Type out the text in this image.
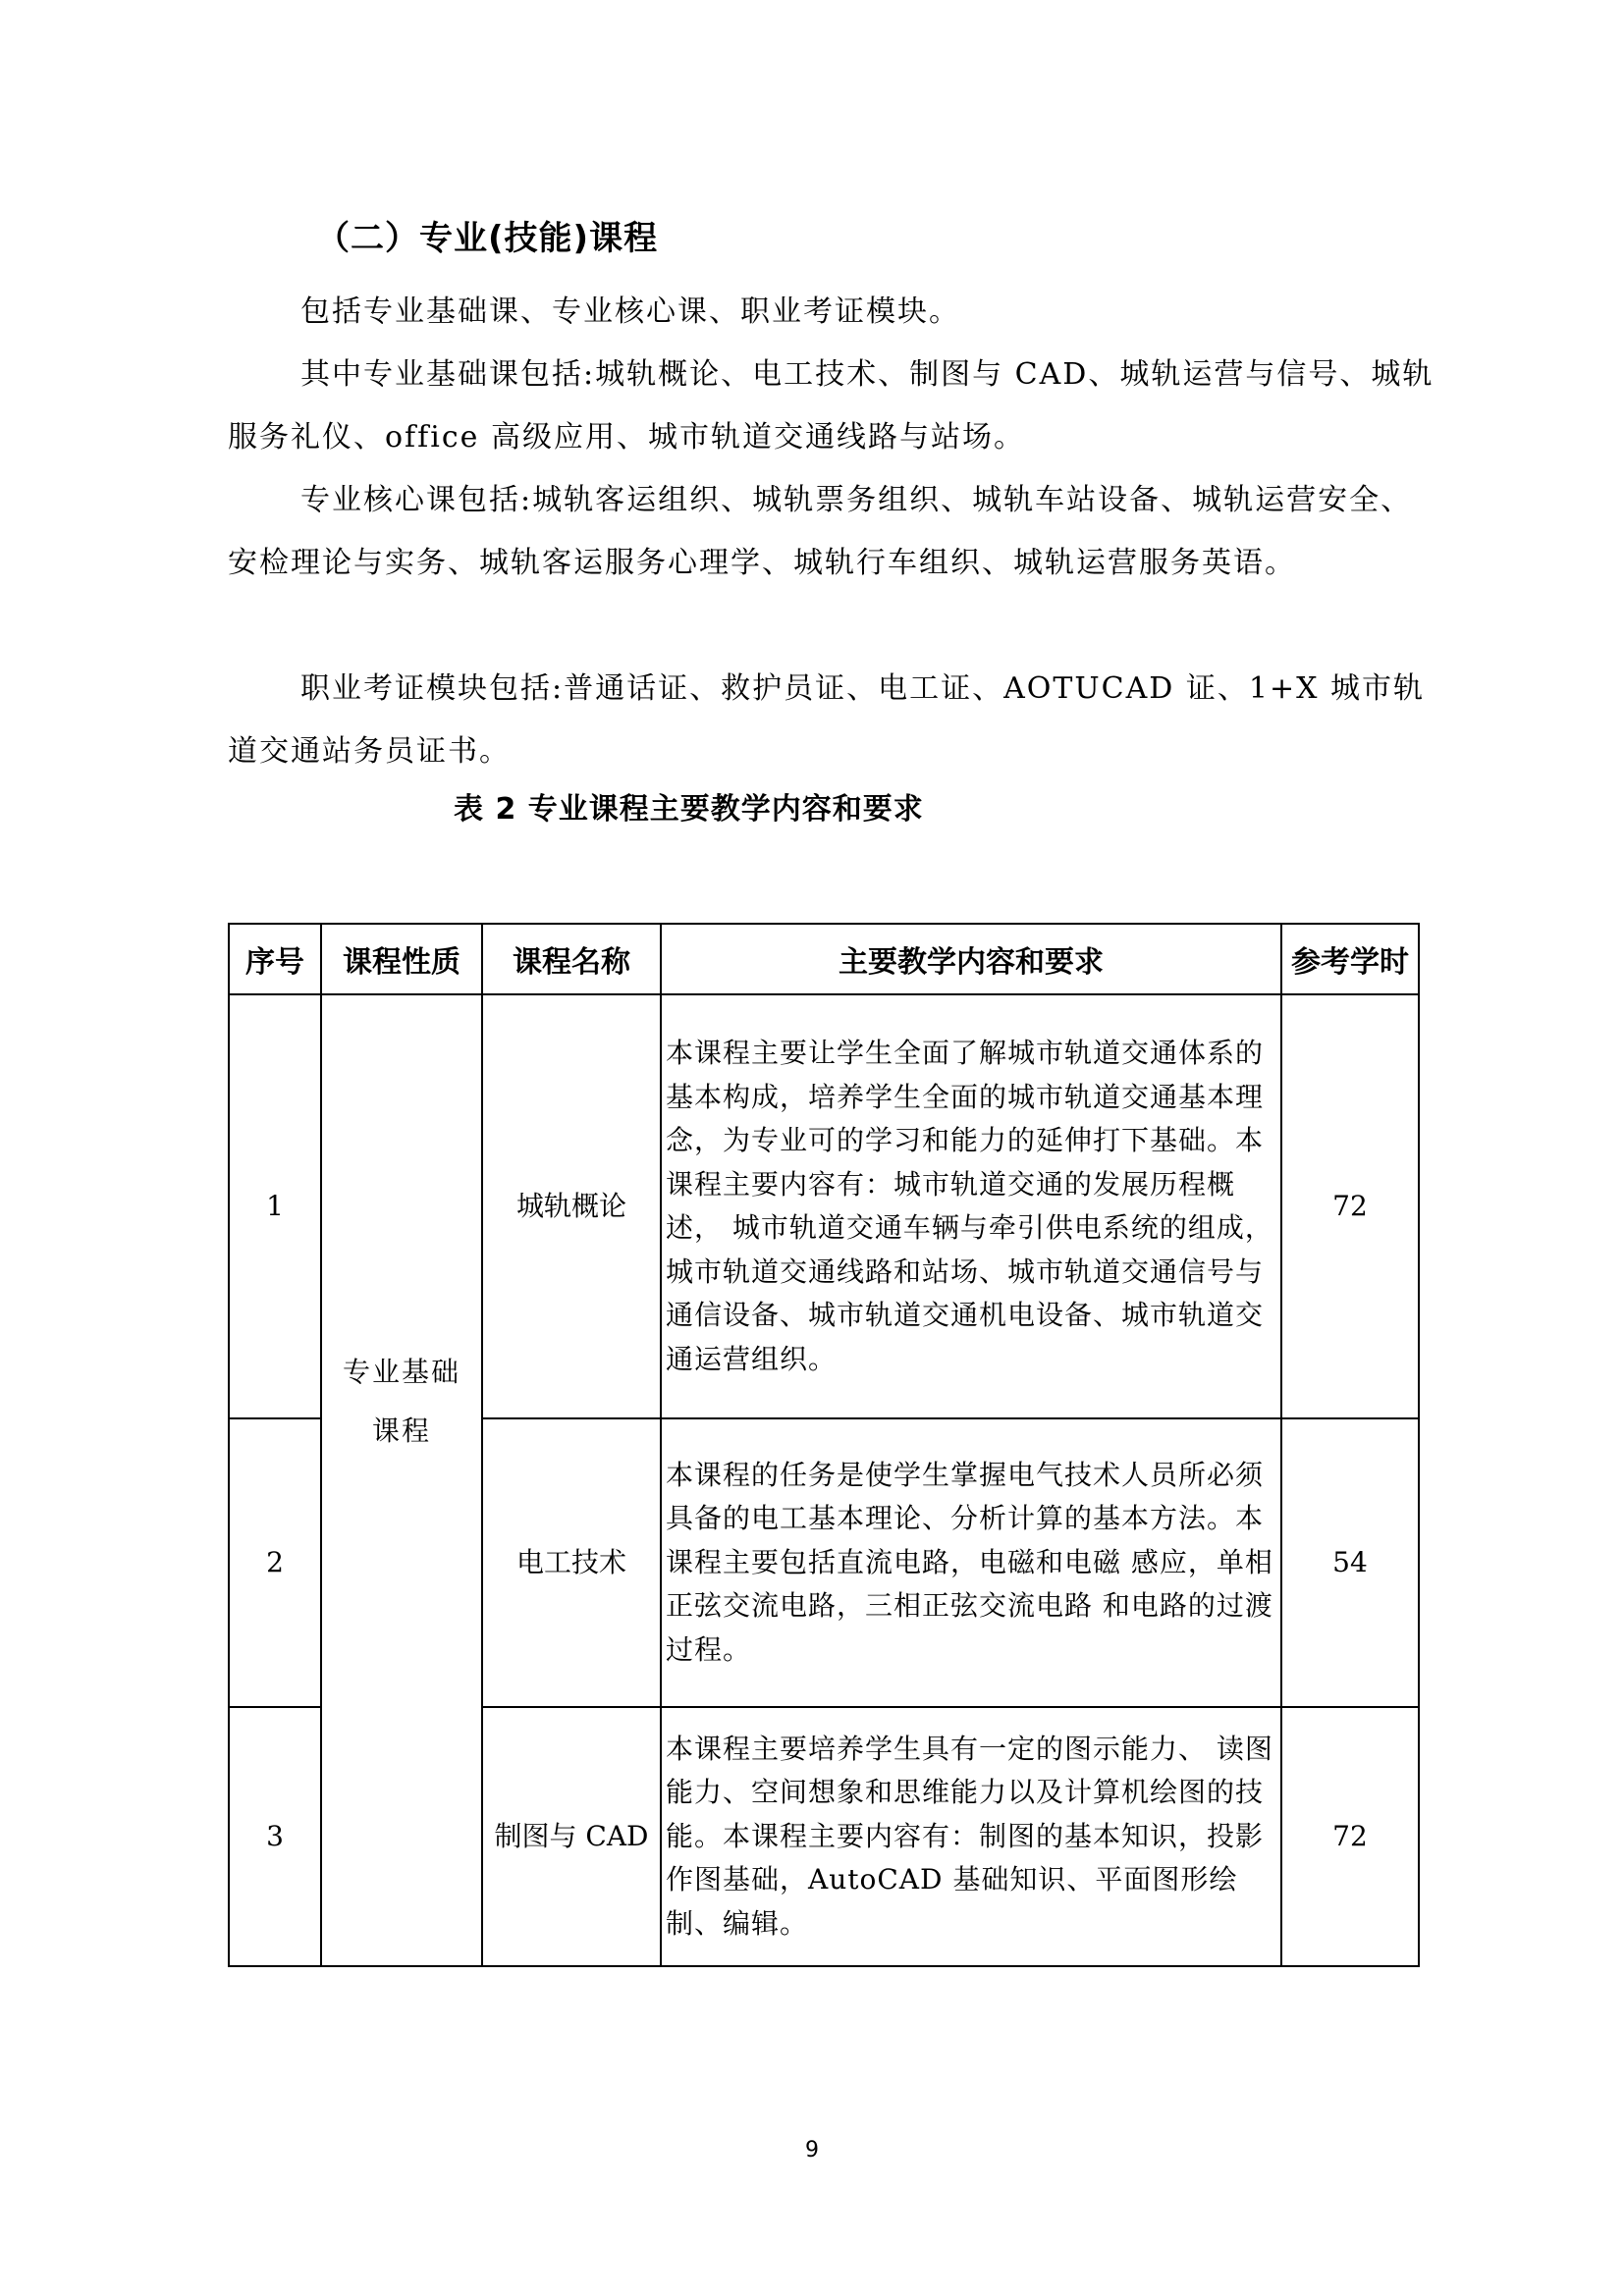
（二）专业(技能)课程

包括专业基础课、专业核心课、职业考证模块。

其中专业基础课包括:城轨概论、电工技术、制图与 CAD、城轨运营与信号、城轨服务礼仪、office 高级应用、城市轨道交通线路与站场。

专业核心课包括:城轨客运组织、城轨票务组织、城轨车站设备、城轨运营安全、安检理论与实务、城轨客运服务心理学、城轨行车组织、城轨运营服务英语。

职业考证模块包括:普通话证、救护员证、电工证、AOTUCAD 证、1+X 城市轨道交通站务员证书。

表 2 专业课程主要教学内容和要求
序号	课程性质	课程名称	主要教学内容和要求	参考学时
1	专业基础课程	城轨概论	本课程主要让学生全面了解城市轨道交通体系的基本构成，培养学生全面的城市轨道交通基本理念，为专业可的学习和能力的延伸打下基础。本课程主要内容有：城市轨道交通的发展历程概述， 城市轨道交通车辆与牵引供电系统的组成， 城市轨道交通线路和站场、城市轨道交通信号与通信设备、城市轨道交通机电设备、城市轨道交通运营组织。	72
2		电工技术	本课程的任务是使学生掌握电气技术人员所必须具备的电工基本理论、分析计算的基本方法。本课程主要包括直流电路，电磁和电磁 感应，单相正弦交流电路，三相正弦交流电路 和电路的过渡过程。	54
3		制图与 CAD	本课程主要培养学生具有一定的图示能力、 读图能力、空间想象和思维能力以及计算机绘图的技能。本课程主要内容有：制图的基本知识，投影作图基础，AutoCAD 基础知识、平面图形绘 制、编辑。	72
9
